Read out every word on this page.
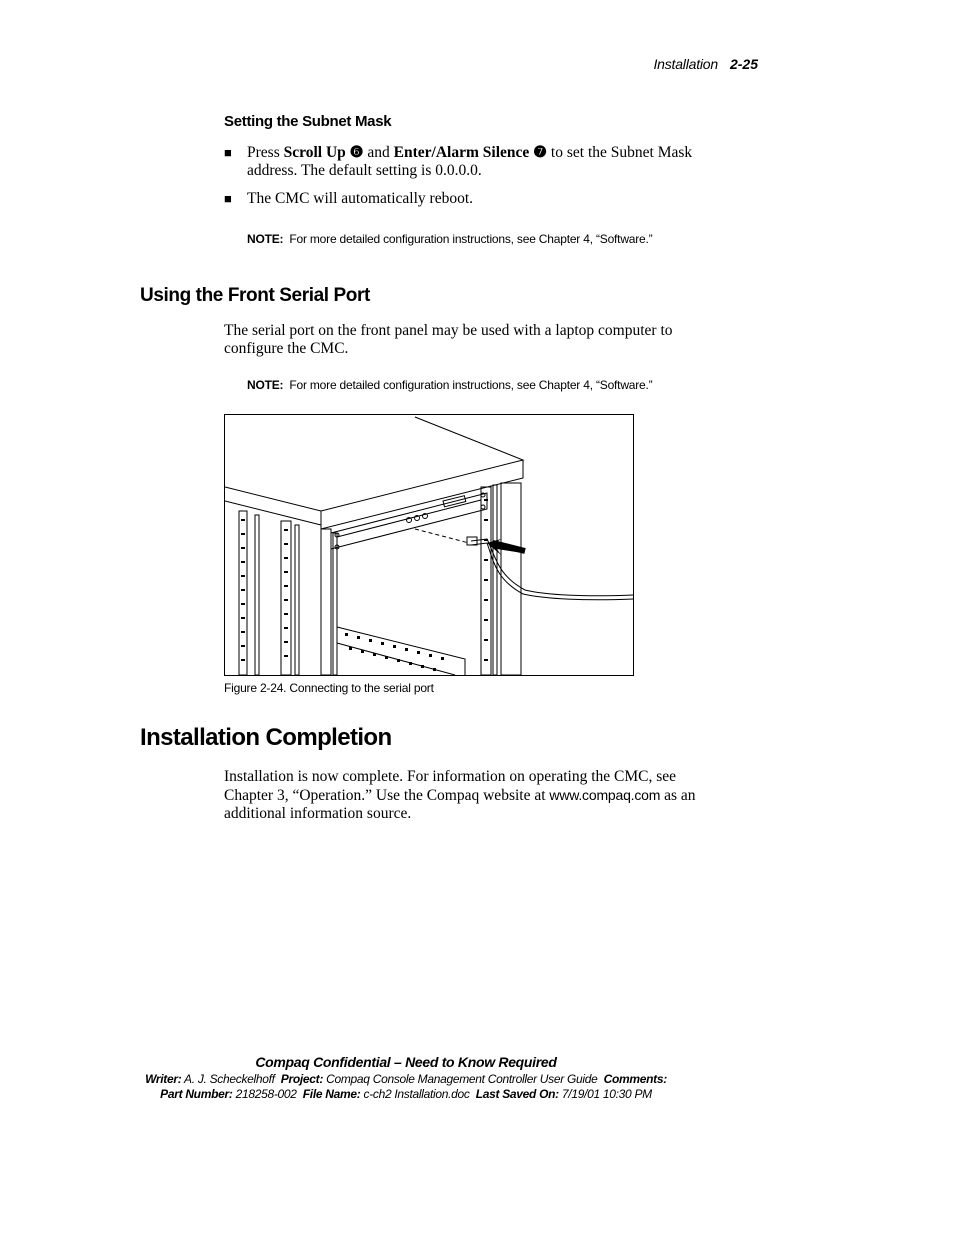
Installation 2-25
Setting the Subnet Mask
■ Press Scroll Up ❻ and Enter/Alarm Silence ❼ to set the Subnet Mask address. The default setting is 0.0.0.0.
■ The CMC will automatically reboot.
NOTE: For more detailed configuration instructions, see Chapter 4, “Software.”
Using the Front Serial Port
The serial port on the front panel may be used with a laptop computer to configure the CMC.
NOTE: For more detailed configuration instructions, see Chapter 4, “Software.”
Figure 2-24. Connecting to the serial port
Installation Completion
Installation is now complete. For information on operating the CMC, see Chapter 3, “Operation.” Use the Compaq website at www.compaq.com as an additional information source.
Compaq Confidential – Need to Know Required
Writer: A. J. Scheckelhoff Project: Compaq Console Management Controller User Guide Comments:
Part Number: 218258-002 File Name: c-ch2 Installation.doc Last Saved On: 7/19/01 10:30 PM
